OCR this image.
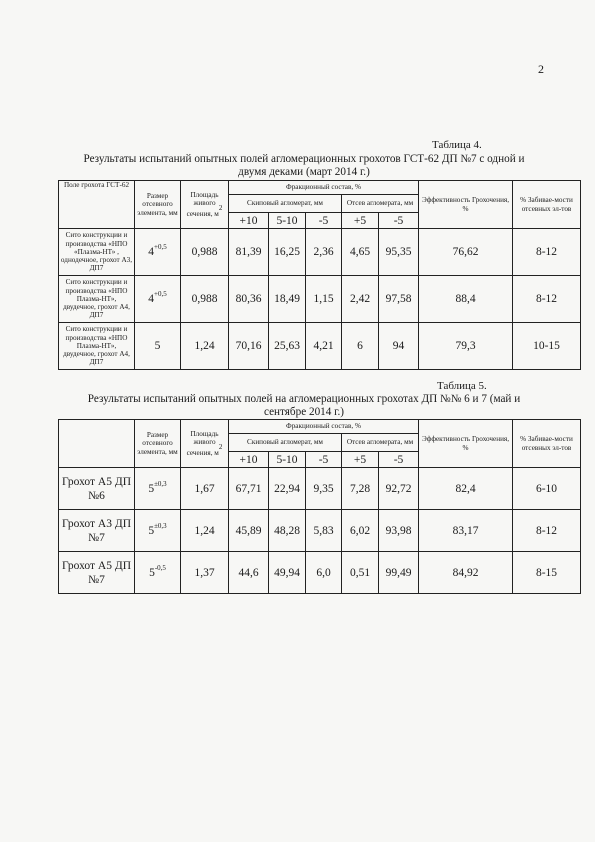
2
Таблица 4.
Результаты испытаний опытных полей агломерационных грохотов ГСТ-62 ДП №7 с одной и
двумя деками (март 2014 г.)
Поле грохота ГСТ-62	Размер отсевного элемента, мм	Площадь живого сечения, $м^2$	Фракционный состав, %					Эффективность Грохочения, %	% Забивае-мости отсевных эл-тов
			Скиповый агломерат, мм			Отсев агломерата, мм			
			+10	5-10	-5	+5	-5		
Сито конструкции и производства «НПО «Плазма-НТ» , однодечное, грохот А3, ДП7	$4^{+0,5}$	0,988	81,39	16,25	2,36	4,65	95,35	76,62	8-12
Сито конструкции и производства «НПО Плазма-НТ», двудечное, грохот А4, ДП7	$4^{+0,5}$	0,988	80,36	18,49	1,15	2,42	97,58	88,4	8-12
Сито конструкции и производства «НПО Плазма-НТ», двудечное, грохот А4, ДП7	5	1,24	70,16	25,63	4,21	6	94	79,3	10-15
Таблица 5.
Результаты испытаний опытных полей на агломерационных грохотах ДП №№ 6 и 7 (май и
сентябре 2014 г.)
	Размер отсевного элемента, мм	Площадь живого сечения, $м^2$	Фракционный состав, %					Эффективность Грохочения, %	% Забивае-мости отсевных эл-тов
			Скиповый агломерат, мм			Отсев агломерата, мм			
			+10	5-10	-5	+5	-5		
Грохот А5 ДП №6	$5^{\pm 0,3}$	1,67	67,71	22,94	9,35	7,28	92,72	82,4	6-10
Грохот А3 ДП №7	$5^{\pm 0,3}$	1,24	45,89	48,28	5,83	6,02	93,98	83,17	8-12
Грохот А5 ДП №7	$5^{-0,5}$	1,37	44,6	49,94	6,0	0,51	99,49	84,92	8-15
